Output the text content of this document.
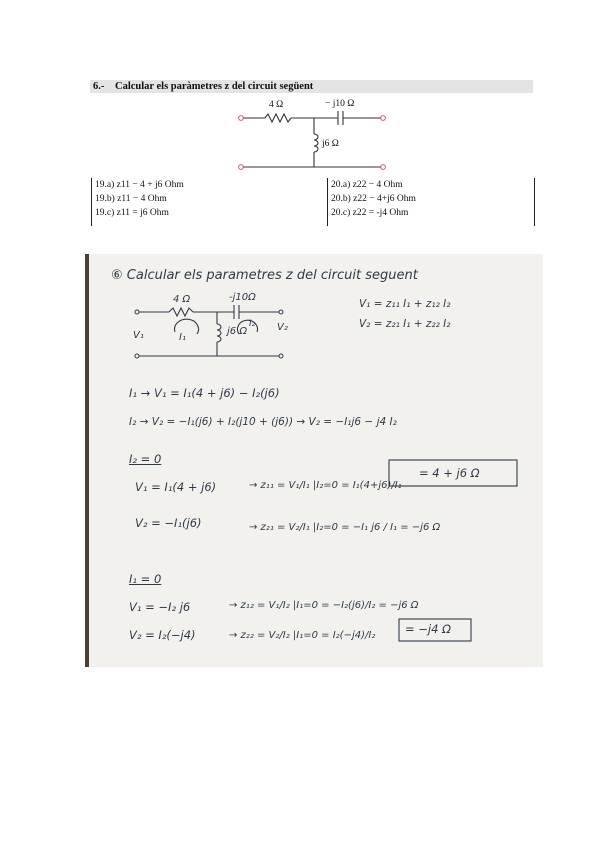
6.- Calcular els paràmetres z del circuit següent
4 Ω	− j10 Ω
j6 Ω
19.a) z11 − 4 + j6 Ohm
19.b) z11 − 4 Ohm
19.c) z11 = j6 Ohm
20.a) z22 − 4 Ohm
20.b) z22 − 4+j6 Ohm
20.c) z22 = -j4 Ohm
⑥ Calcular els parametres z del circuit seguent
4 Ω	-j10Ω
j6 Ω
V₁
V₂
I₁
I₂
V₁ = z₁₁ I₁ + z₁₂ I₂
V₂ = z₂₁ I₁ + z₂₂ I₂
I₁ → V₁ = I₁(4 + j6) − I₂(j6)
I₂ → V₂ = −I₁(j6) + I₂(j10 + (j6)) → V₂ = −I₁j6 − j4 I₂
I₂ = 0
V₁ = I₁(4 + j6)	→ z₁₁ = V₁/I₁ |I₂=0 = I₁(4+j6)/I₁
= 4 + j6 Ω
V₂ = −I₁(j6)	→ z₂₁ = V₂/I₁ |I₂=0 = −I₁ j6 / I₁ = −j6 Ω
I₁ = 0
V₁ = −I₂ j6	→ z₁₂ = V₁/I₂ |I₁=0 = −I₂(j6)/I₂ = −j6 Ω
V₂ = I₂(−j4)	→ z₂₂ = V₂/I₂ |I₁=0 = I₂(−j4)/I₂	= −j4 Ω
